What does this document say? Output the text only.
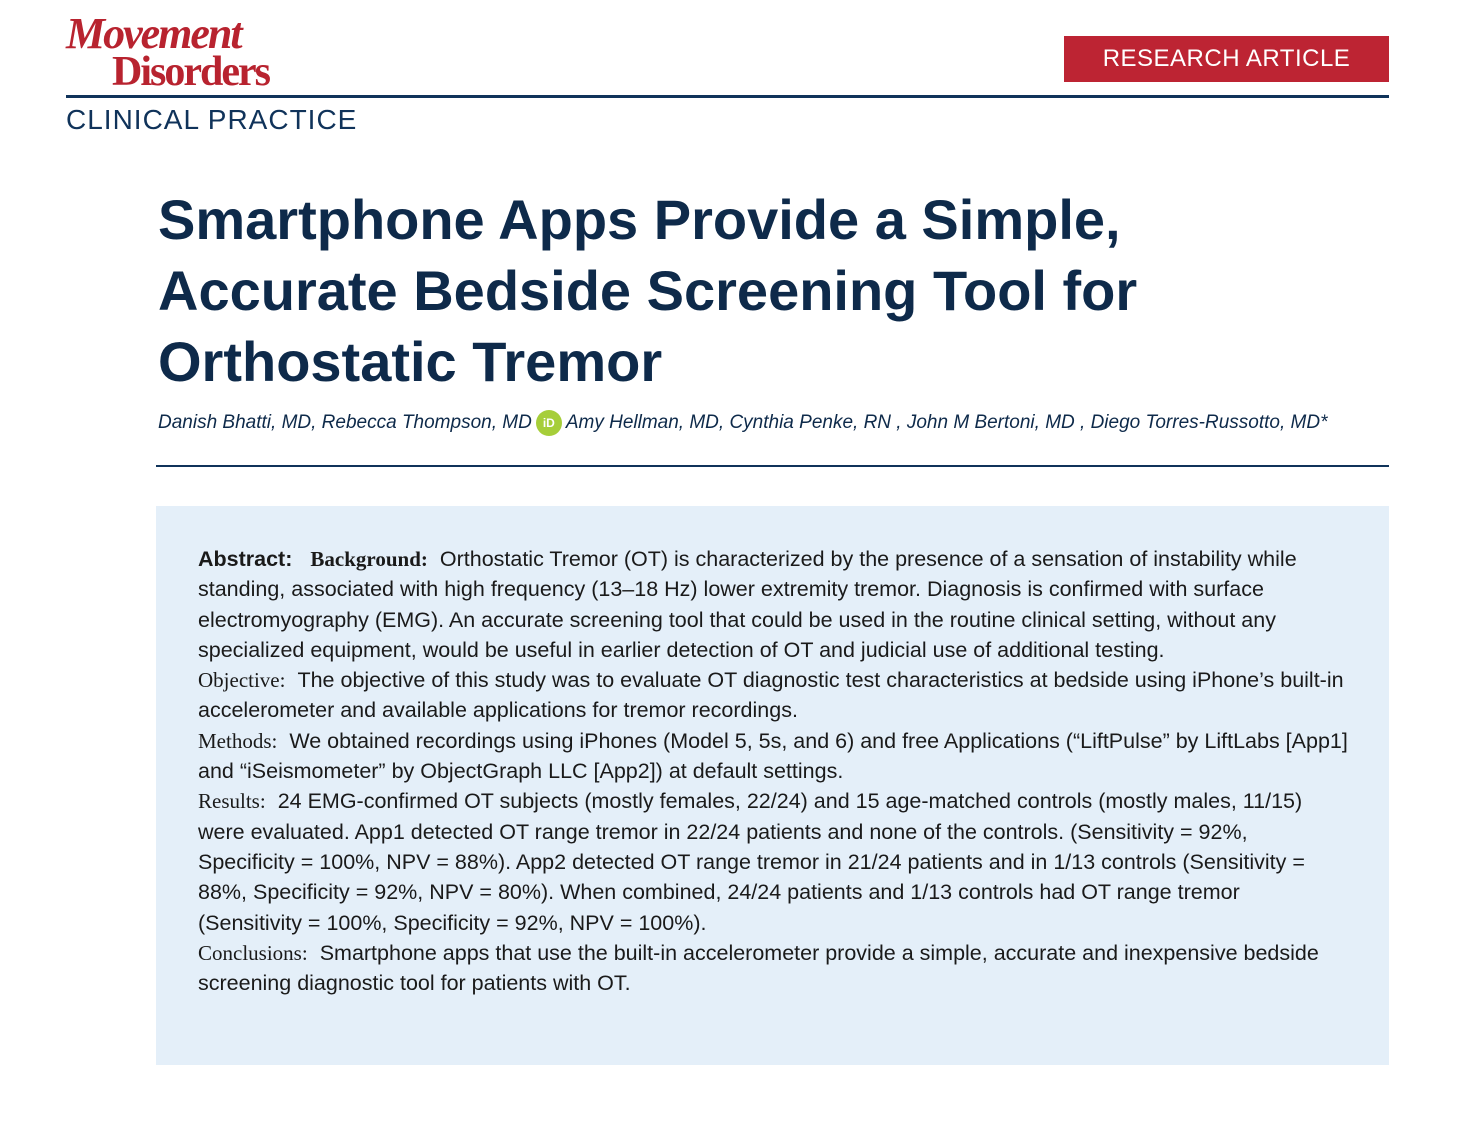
Movement
Disorders	RESEARCH ARTICLE
CLINICAL PRACTICE
Smartphone Apps Provide a Simple,
Accurate Bedside Screening Tool for
Orthostatic Tremor
Danish Bhatti, MD, Rebecca Thompson, MD iD Amy Hellman, MD, Cynthia Penke, RN , John M Bertoni, MD , Diego Torres-Russotto, MD*

Abstract: Background: Orthostatic Tremor (OT) is characterized by the presence of a sensation of instability while standing, associated with high frequency (13–18 Hz) lower extremity tremor. Diagnosis is confirmed with surface electromyography (EMG). An accurate screening tool that could be used in the routine clinical setting, without any specialized equipment, would be useful in earlier detection of OT and judicial use of additional testing.

Objective: The objective of this study was to evaluate OT diagnostic test characteristics at bedside using iPhone’s built-in accelerometer and available applications for tremor recordings.

Methods: We obtained recordings using iPhones (Model 5, 5s, and 6) and free Applications (“LiftPulse” by LiftLabs [App1] and “iSeismometer” by ObjectGraph LLC [App2]) at default settings.

Results: 24 EMG-confirmed OT subjects (mostly females, 22/24) and 15 age-matched controls (mostly males, 11/15) were evaluated. App1 detected OT range tremor in 22/24 patients and none of the controls. (Sensitivity = 92%, Specificity = 100%, NPV = 88%). App2 detected OT range tremor in 21/24 patients and in 1/13 controls (Sensitivity = 88%, Specificity = 92%, NPV = 80%). When combined, 24/24 patients and 1/13 controls had OT range tremor (Sensitivity = 100%, Specificity = 92%, NPV = 100%).

Conclusions: Smartphone apps that use the built-in accelerometer provide a simple, accurate and inexpensive bedside screening diagnostic tool for patients with OT.
